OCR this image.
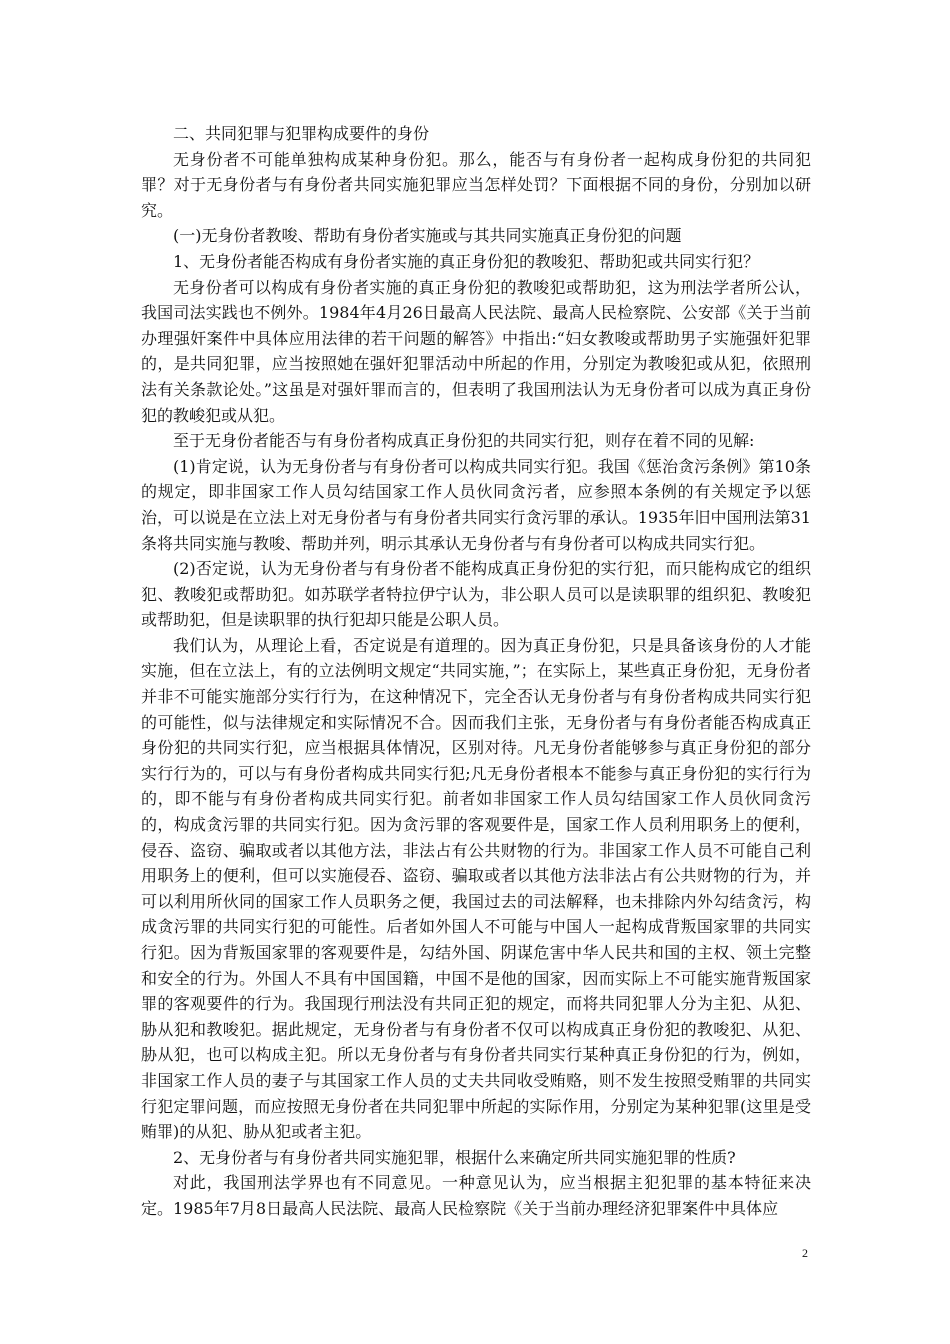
二、共同犯罪与犯罪构成要件的身份

无身份者不可能单独构成某种身份犯。那么，能否与有身份者一起构成身份犯的共同犯罪？对于无身份者与有身份者共同实施犯罪应当怎样处罚？下面根据不同的身份，分别加以研究。

(一)无身份者教唆、帮助有身份者实施或与其共同实施真正身份犯的问题

1、无身份者能否构成有身份者实施的真正身份犯的教唆犯、帮助犯或共同实行犯？

无身份者可以构成有身份者实施的真正身份犯的教唆犯或帮助犯，这为刑法学者所公认，我国司法实践也不例外。1984年4月26日最高人民法院、最高人民检察院、公安部《关于当前办理强奸案件中具体应用法律的若干问题的解答》中指出:“妇女教唆或帮助男子实施强奸犯罪的，是共同犯罪，应当按照她在强奸犯罪活动中所起的作用，分别定为教唆犯或从犯，依照刑法有关条款论处。”这虽是对强奸罪而言的，但表明了我国刑法认为无身份者可以成为真正身份犯的教峻犯或从犯。

至于无身份者能否与有身份者构成真正身份犯的共同实行犯，则存在着不同的见解:

(1)肯定说，认为无身份者与有身份者可以构成共同实行犯。我国《惩治贪污条例》第10条的规定，即非国家工作人员勾结国家工作人员伙同贪污者，应参照本条例的有关规定予以惩治，可以说是在立法上对无身份者与有身份者共同实行贪污罪的承认。1935年旧中国刑法第31条将共同实施与教唆、帮助并列，明示其承认无身份者与有身份者可以构成共同实行犯。

(2)否定说，认为无身份者与有身份者不能构成真正身份犯的实行犯，而只能构成它的组织犯、教唆犯或帮助犯。如苏联学者特拉伊宁认为，非公职人员可以是读职罪的组织犯、教唆犯或帮助犯，但是读职罪的执行犯却只能是公职人员。

我们认为，从理论上看，否定说是有道理的。因为真正身份犯，只是具备该身份的人才能实施，但在立法上，有的立法例明文规定“共同实施，”；在实际上，某些真正身份犯，无身份者并非不可能实施部分实行行为，在这种情况下，完全否认无身份者与有身份者构成共同实行犯的可能性，似与法律规定和实际情况不合。因而我们主张，无身份者与有身份者能否构成真正身份犯的共同实行犯，应当根据具体情况，区别对待。凡无身份者能够参与真正身份犯的部分实行行为的，可以与有身份者构成共同实行犯;凡无身份者根本不能参与真正身份犯的实行行为的，即不能与有身份者构成共同实行犯。前者如非国家工作人员勾结国家工作人员伙同贪污的，构成贪污罪的共同实行犯。因为贪污罪的客观要件是，国家工作人员利用职务上的便利，侵吞、盗窃、骗取或者以其他方法，非法占有公共财物的行为。非国家工作人员不可能自己利用职务上的便利，但可以实施侵吞、盗窃、骗取或者以其他方法非法占有公共财物的行为，并可以利用所伙同的国家工作人员职务之便，我国过去的司法解释，也未排除内外勾结贪污，构成贪污罪的共同实行犯的可能性。后者如外国人不可能与中国人一起构成背叛国家罪的共同实行犯。因为背叛国家罪的客观要件是，勾结外国、阴谋危害中华人民共和国的主权、领土完整和安全的行为。外国人不具有中国国籍，中国不是他的国家，因而实际上不可能实施背叛国家罪的客观要件的行为。我国现行刑法没有共同正犯的规定，而将共同犯罪人分为主犯、从犯、胁从犯和教唆犯。据此规定，无身份者与有身份者不仅可以构成真正身份犯的教唆犯、从犯、胁从犯，也可以构成主犯。所以无身份者与有身份者共同实行某种真正身份犯的行为，例如，非国家工作人员的妻子与其国家工作人员的丈夫共同收受贿赂，则不发生按照受贿罪的共同实行犯定罪问题，而应按照无身份者在共同犯罪中所起的实际作用，分别定为某种犯罪(这里是受贿罪)的从犯、胁从犯或者主犯。

2、无身份者与有身份者共同实施犯罪，根据什么来确定所共同实施犯罪的性质?

对此，我国刑法学界也有不同意见。一种意见认为，应当根据主犯犯罪的基本特征来决定。1985年7月8日最高人民法院、最高人民检察院《关于当前办理经济犯罪案件中具体应

2
